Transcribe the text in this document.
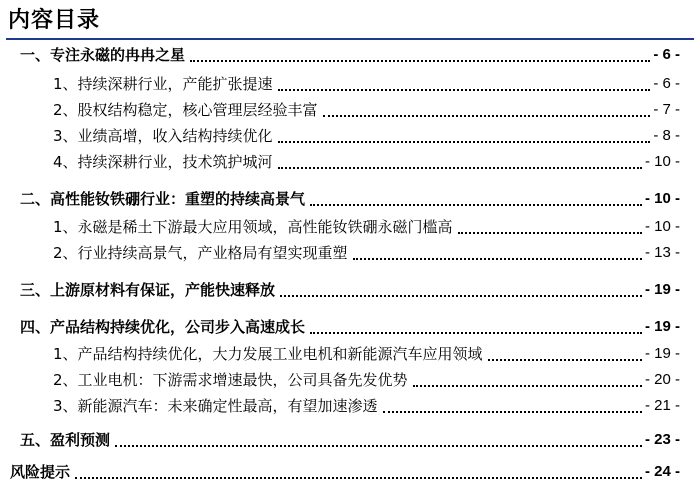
内容目录
一、专注永磁的冉冉之星	- 6 -
1、持续深耕行业，产能扩张提速	- 6 -
2、股权结构稳定，核心管理层经验丰富	- 7 -
3、业绩高增，收入结构持续优化	- 8 -
4、持续深耕行业，技术筑护城河	- 10 -
二、高性能钕铁硼行业：重塑的持续高景气	- 10 -
1、永磁是稀土下游最大应用领域，高性能钕铁硼永磁门槛高	- 10 -
2、行业持续高景气，产业格局有望实现重塑	- 13 -
三、上游原材料有保证，产能快速释放	- 19 -
四、产品结构持续优化，公司步入高速成长	- 19 -
1、产品结构持续优化，大力发展工业电机和新能源汽车应用领域	- 19 -
2、工业电机：下游需求增速最快，公司具备先发优势	- 20 -
3、新能源汽车：未来确定性最高，有望加速渗透	- 21 -
五、盈利预测	- 23 -
风险提示	- 24 -
